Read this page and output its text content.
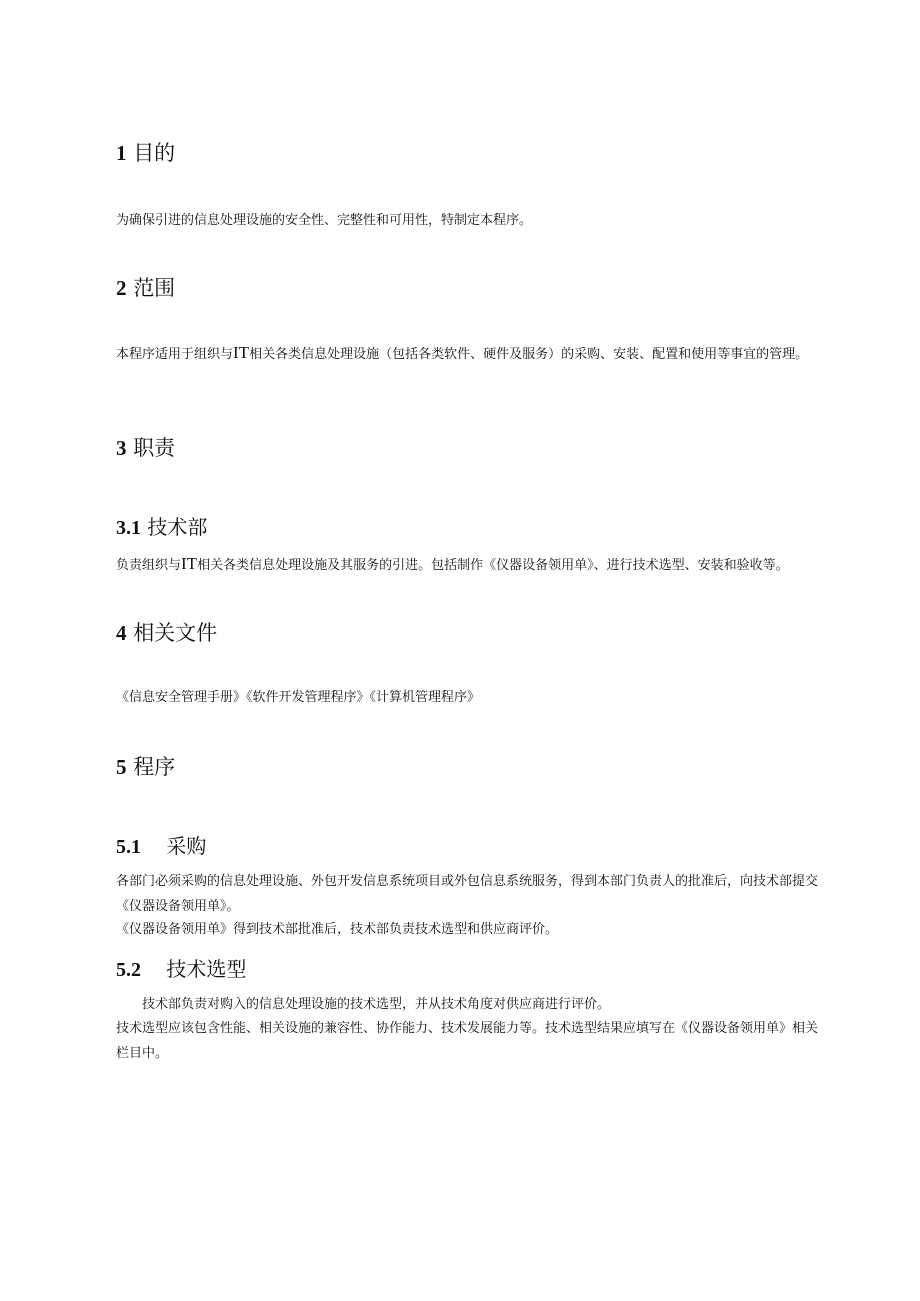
1 目的
为确保引进的信息处理设施的安全性、完整性和可用性，特制定本程序。
2 范围
本程序适用于组织与IT相关各类信息处理设施（包括各类软件、硬件及服务）的采购、安装、配置和使用等事宜的管理。
3 职责
3.1 技术部
负责组织与IT相关各类信息处理设施及其服务的引进。包括制作《仪器设备领用单》、进行技术选型、安装和验收等。
4 相关文件
《信息安全管理手册》《软件开发管理程序》《计算机管理程序》
5 程序
5.1 采购
各部门必须采购的信息处理设施、外包开发信息系统项目或外包信息系统服务，得到本部门负责人的批准后，向技术部提交《仪器设备领用单》。
《仪器设备领用单》得到技术部批准后，技术部负责技术选型和供应商评价。
5.2 技术选型
技术部负责对购入的信息处理设施的技术选型，并从技术角度对供应商进行评价。
技术选型应该包含性能、相关设施的兼容性、协作能力、技术发展能力等。技术选型结果应填写在《仪器设备领用单》相关栏目中。
